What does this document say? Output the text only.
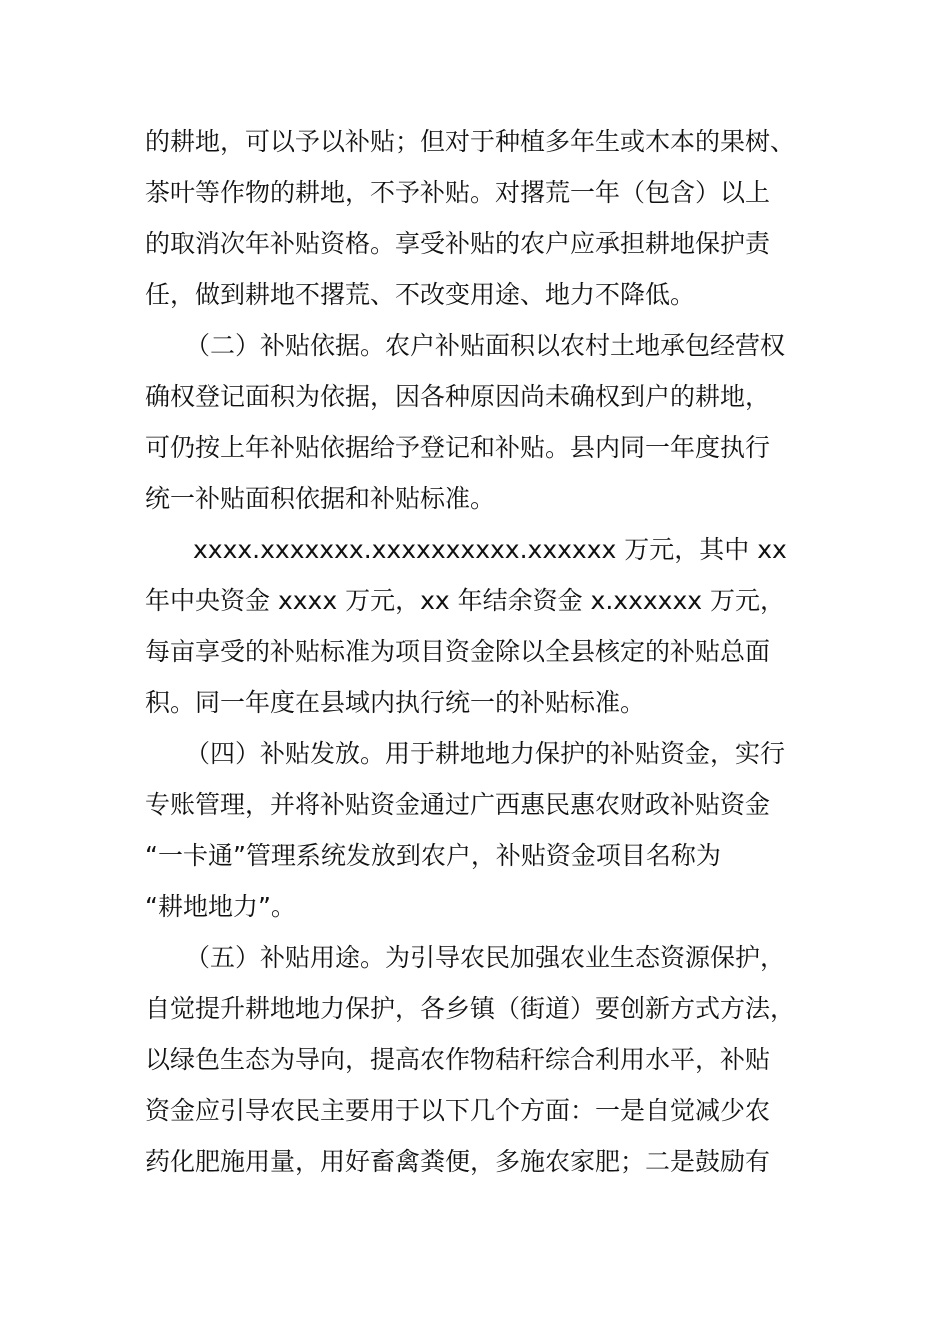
的耕地，可以予以补贴；但对于种植多年生或木本的果树、
茶叶等作物的耕地，不予补贴。对撂荒一年（包含）以上
的取消次年补贴资格。享受补贴的农户应承担耕地保护责
任，做到耕地不撂荒、不改变用途、地力不降低。
（二）补贴依据。农户补贴面积以农村土地承包经营权
确权登记面积为依据，因各种原因尚未确权到户的耕地，
可仍按上年补贴依据给予登记和补贴。县内同一年度执行
统一补贴面积依据和补贴标准。
xxxx.xxxxxxx.xxxxxxxxxx.xxxxxx 万元，其中 xx
年中央资金 xxxx 万元，xx 年结余资金 x.xxxxxx 万元，
每亩享受的补贴标准为项目资金除以全县核定的补贴总面
积。同一年度在县域内执行统一的补贴标准。
（四）补贴发放。用于耕地地力保护的补贴资金，实行
专账管理，并将补贴资金通过广西惠民惠农财政补贴资金
“一卡通”管理系统发放到农户，补贴资金项目名称为
“耕地地力”。
（五）补贴用途。为引导农民加强农业生态资源保护，
自觉提升耕地地力保护，各乡镇（街道）要创新方式方法，
以绿色生态为导向，提高农作物秸秆综合利用水平，补贴
资金应引导农民主要用于以下几个方面：一是自觉减少农
药化肥施用量，用好畜禽粪便，多施农家肥；二是鼓励有
